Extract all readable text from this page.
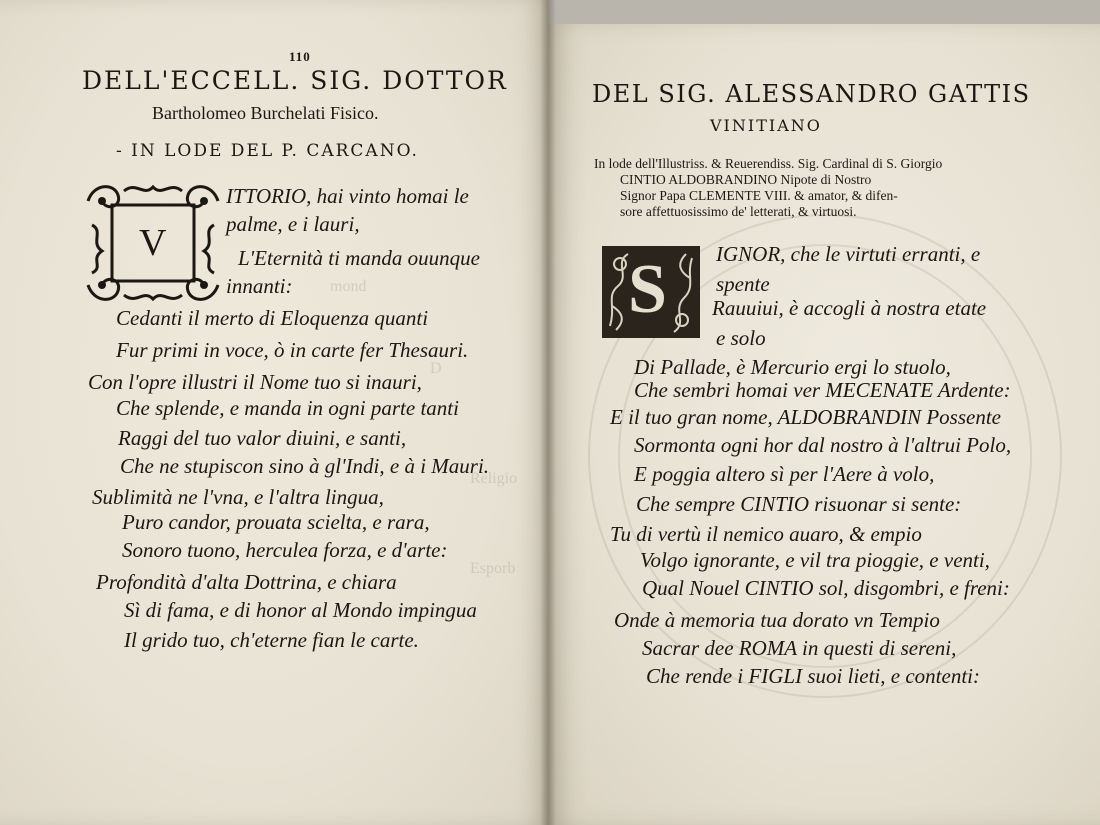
mond
D
Religio
Esporb
110
DELL'ECCELL. SIG. DOTTOR
Bartholomeo Burchelati Fisico.
- IN LODE DEL P. CARCANO.
V
ITTORIO, hai vinto homai le
palme, e i lauri,
L'Eternità ti manda ouunque
innanti:
Cedanti il merto di Eloquenza quanti
Fur primi in voce, ò in carte fer Thesauri.
Con l'opre illustri il Nome tuo si inauri,
Che splende, e manda in ogni parte tanti
Raggi del tuo valor diuini, e santi,
Che ne stupiscon sino à gl'Indi, e à i Mauri.
Sublimità ne l'vna, e l'altra lingua,
Puro candor, prouata scielta, e rara,
Sonoro tuono, herculea forza, e d'arte:
Profondità d'alta Dottrina, e chiara
Sì di fama, e di honor al Mondo impingua
Il grido tuo, ch'eterne fian le carte.
DEL SIG. ALESSANDRO GATTIS
VINITIANO
In lode dell'Illustriss. & Reuerendiss. Sig. Cardinal di S. Giorgio
CINTIO ALDOBRANDINO Nipote di Nostro
Signor Papa CLEMENTE VIII. & amator, & difen-
sore affettuosissimo de' letterati, & virtuosi.
S IGNOR, che le virtuti erranti, e
spente
Rauuiui, è accogli à nostra etate
e solo
Di Pallade, è Mercurio ergi lo stuolo,
Che sembri homai ver MECENATE Ardente:
E il tuo gran nome, ALDOBRANDIN Possente
Sormonta ogni hor dal nostro à l'altrui Polo,
E poggia altero sì per l'Aere à volo,
Che sempre CINTIO risuonar si sente:
Tu di vertù il nemico auaro, & empio
Volgo ignorante, e vil tra pioggie, e venti,
Qual Nouel CINTIO sol, disgombri, e freni:
Onde à memoria tua dorato vn Tempio
Sacrar dee ROMA in questi di sereni,
Che rende i FIGLI suoi lieti, e contenti:
